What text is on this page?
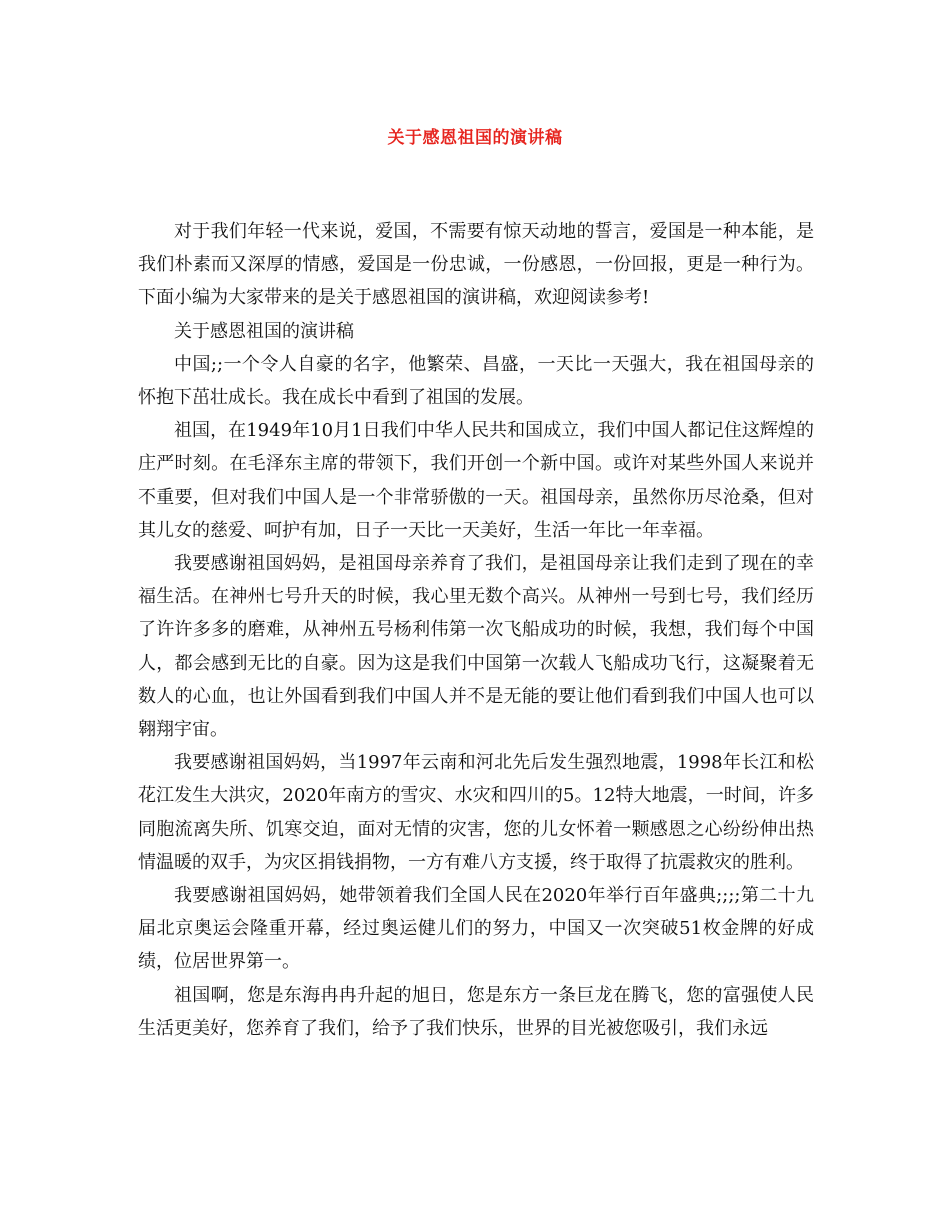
关于感恩祖国的演讲稿

对于我们年轻一代来说，爱国，不需要有惊天动地的誓言，爱国是一种本能，是我们朴素而又深厚的情感，爱国是一份忠诚，一份感恩，一份回报，更是一种行为。下面小编为大家带来的是关于感恩祖国的演讲稿，欢迎阅读参考!

关于感恩祖国的演讲稿

中国;;一个令人自豪的名字，他繁荣、昌盛，一天比一天强大，我在祖国母亲的怀抱下茁壮成长。我在成长中看到了祖国的发展。

祖国，在1949年10月1日我们中华人民共和国成立，我们中国人都记住这辉煌的庄严时刻。在毛泽东主席的带领下，我们开创一个新中国。或许对某些外国人来说并不重要，但对我们中国人是一个非常骄傲的一天。祖国母亲，虽然你历尽沧桑，但对其儿女的慈爱、呵护有加，日子一天比一天美好，生活一年比一年幸福。

我要感谢祖国妈妈，是祖国母亲养育了我们，是祖国母亲让我们走到了现在的幸福生活。在神州七号升天的时候，我心里无数个高兴。从神州一号到七号，我们经历了许许多多的磨难，从神州五号杨利伟第一次飞船成功的时候，我想，我们每个中国人，都会感到无比的自豪。因为这是我们中国第一次载人飞船成功飞行，这凝聚着无数人的心血，也让外国看到我们中国人并不是无能的要让他们看到我们中国人也可以翱翔宇宙。

我要感谢祖国妈妈，当1997年云南和河北先后发生强烈地震，1998年长江和松花江发生大洪灾，2020年南方的雪灾、水灾和四川的5。12特大地震，一时间，许多同胞流离失所、饥寒交迫，面对无情的灾害，您的儿女怀着一颗感恩之心纷纷伸出热情温暖的双手，为灾区捐钱捐物，一方有难八方支援，终于取得了抗震救灾的胜利。

我要感谢祖国妈妈，她带领着我们全国人民在2020年举行百年盛典;;;;第二十九届北京奥运会隆重开幕，经过奥运健儿们的努力，中国又一次突破51枚金牌的好成绩，位居世界第一。

祖国啊，您是东海冉冉升起的旭日，您是东方一条巨龙在腾飞，您的富强使人民生活更美好，您养育了我们，给予了我们快乐，世界的目光被您吸引，我们永远
